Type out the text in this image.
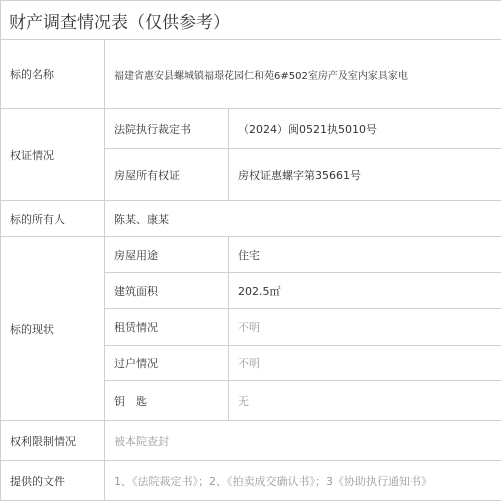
财产调查情况表（仅供参考）		
标的名称	福建省惠安县螺城镇福璟花园仁和苑6#502室房产及室内家具家电	
权证情况	法院执行裁定书	（2024）闽0521执5010号
	房屋所有权证	房权证惠螺字第35661号
标的所有人	陈某、康某	
标的现状	房屋用途	住宅
	建筑面积	202.5㎡
	租赁情况	不明
	过户情况	不明
	钥　匙	无
权利限制情况	被本院查封	
提供的文件	1、《法院裁定书》；2、《拍卖成交确认书》；3《协助执行通知书》	
